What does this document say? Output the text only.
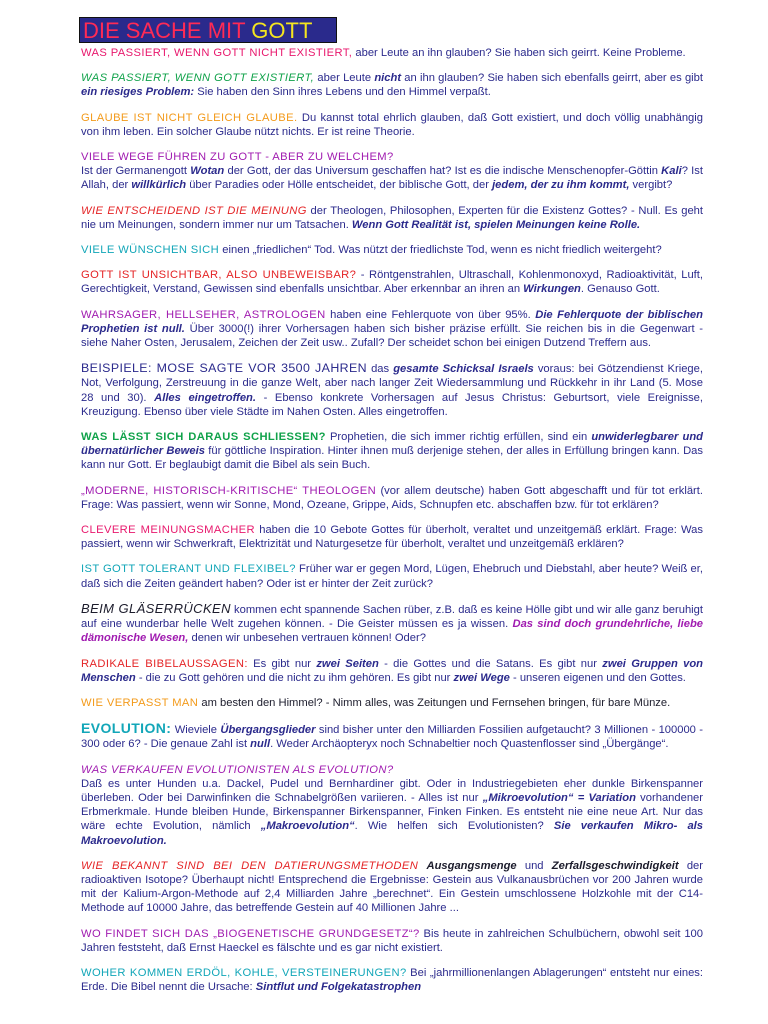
DIE SACHE MIT GOTT

WAS PASSIERT, WENN GOTT NICHT EXISTIERT, aber Leute an ihn glauben? Sie haben sich geirrt. Keine Probleme.

WAS PASSIERT, WENN GOTT EXISTIERT, aber Leute nicht an ihn glauben? Sie haben sich ebenfalls geirrt, aber es gibt ein riesiges Problem: Sie haben den Sinn ihres Lebens und den Himmel verpaßt.

GLAUBE IST NICHT GLEICH GLAUBE. Du kannst total ehrlich glauben, daß Gott existiert, und doch völlig unabhängig von ihm leben. Ein solcher Glaube nützt nichts. Er ist reine Theorie.

VIELE WEGE FÜHREN ZU GOTT - ABER ZU WELCHEM?
Ist der Germanengott Wotan der Gott, der das Universum geschaffen hat? Ist es die indische Menschenopfer-Göttin Kali? Ist Allah, der willkürlich über Paradies oder Hölle entscheidet, der biblische Gott, der jedem, der zu ihm kommt, vergibt?

WIE ENTSCHEIDEND IST DIE MEINUNG der Theologen, Philosophen, Experten für die Existenz Gottes? - Null. Es geht nie um Meinungen, sondern immer nur um Tatsachen. Wenn Gott Realität ist, spielen Meinungen keine Rolle.

VIELE WÜNSCHEN SICH einen „friedlichen“ Tod. Was nützt der friedlichste Tod, wenn es nicht friedlich weitergeht?

GOTT IST UNSICHTBAR, ALSO UNBEWEISBAR? - Röntgenstrahlen, Ultraschall, Kohlenmonoxyd, Radioaktivität, Luft, Gerechtigkeit, Verstand, Gewissen sind ebenfalls unsichtbar. Aber erkennbar an ihren an Wirkungen. Genauso Gott.

WAHRSAGER, HELLSEHER, ASTROLOGEN haben eine Fehlerquote von über 95%. Die Fehlerquote der biblischen Prophetien ist null. Über 3000(!) ihrer Vorhersagen haben sich bisher präzise erfüllt. Sie reichen bis in die Gegenwart - siehe Naher Osten, Jerusalem, Zeichen der Zeit usw.. Zufall? Der scheidet schon bei einigen Dutzend Treffern aus.

BEISPIELE: MOSE SAGTE VOR 3500 JAHREN das gesamte Schicksal Israels voraus: bei Götzendienst Kriege, Not, Verfolgung, Zerstreuung in die ganze Welt, aber nach langer Zeit Wiedersammlung und Rückkehr in ihr Land (5. Mose 28 und 30). Alles eingetroffen. - Ebenso konkrete Vorhersagen auf Jesus Christus: Geburtsort, viele Ereignisse, Kreuzigung. Ebenso über viele Städte im Nahen Osten. Alles eingetroffen.

WAS LÄSST SICH DARAUS SCHLIESSEN? Prophetien, die sich immer richtig erfüllen, sind ein unwiderlegbarer und übernatürlicher Beweis für göttliche Inspiration. Hinter ihnen muß derjenige stehen, der alles in Erfüllung bringen kann. Das kann nur Gott. Er beglaubigt damit die Bibel als sein Buch.

„MODERNE, HISTORISCH-KRITISCHE“ THEOLOGEN (vor allem deutsche) haben Gott abgeschafft und für tot erklärt. Frage: Was passiert, wenn wir Sonne, Mond, Ozeane, Grippe, Aids, Schnupfen etc. abschaffen bzw. für tot erklären?

CLEVERE MEINUNGSMACHER haben die 10 Gebote Gottes für überholt, veraltet und unzeitgemäß erklärt. Frage: Was passiert, wenn wir Schwerkraft, Elektrizität und Naturgesetze für überholt, veraltet und unzeitgemäß erklären?

IST GOTT TOLERANT UND FLEXIBEL? Früher war er gegen Mord, Lügen, Ehebruch und Diebstahl, aber heute? Weiß er, daß sich die Zeiten geändert haben? Oder ist er hinter der Zeit zurück?

BEIM GLÄSERRÜCKEN kommen echt spannende Sachen rüber, z.B. daß es keine Hölle gibt und wir alle ganz beruhigt auf eine wunderbar helle Welt zugehen können. - Die Geister müssen es ja wissen. Das sind doch grundehrliche, liebe dämonische Wesen, denen wir unbesehen vertrauen können! Oder?

RADIKALE BIBELAUSSAGEN: Es gibt nur zwei Seiten - die Gottes und die Satans. Es gibt nur zwei Gruppen von Menschen - die zu Gott gehören und die nicht zu ihm gehören. Es gibt nur zwei Wege - unseren eigenen und den Gottes.

WIE VERPASST MAN am besten den Himmel? - Nimm alles, was Zeitungen und Fernsehen bringen, für bare Münze.

EVOLUTION: Wieviele Übergangsglieder sind bisher unter den Milliarden Fossilien aufgetaucht? 3 Millionen - 100000 - 300 oder 6? - Die genaue Zahl ist null. Weder Archäopteryx noch Schnabeltier noch Quastenflosser sind „Übergänge“.

WAS VERKAUFEN EVOLUTIONISTEN ALS EVOLUTION?
Daß es unter Hunden u.a. Dackel, Pudel und Bernhardiner gibt. Oder in Industriegebieten eher dunkle Birkenspanner überleben. Oder bei Darwinfinken die Schnabelgrößen variieren. - Alles ist nur „Mikroevolution“ = Variation vorhandener Erbmerkmale. Hunde bleiben Hunde, Birkenspanner Birkenspanner, Finken Finken. Es entsteht nie eine neue Art. Nur das wäre echte Evolution, nämlich „Makroevolution“. Wie helfen sich Evolutionisten? Sie verkaufen Mikro- als Makroevolution.

WIE BEKANNT SIND BEI DEN DATIERUNGSMETHODEN Ausgangsmenge und Zerfallsgeschwindigkeit der radioaktiven Isotope? Überhaupt nicht! Entsprechend die Ergebnisse: Gestein aus Vulkanausbrüchen vor 200 Jahren wurde mit der Kalium-Argon-Methode auf 2,4 Milliarden Jahre „berechnet“. Ein Gestein umschlossene Holzkohle mit der C14-Methode auf 10000 Jahre, das betreffende Gestein auf 40 Millionen Jahre ...

WO FINDET SICH DAS „BIOGENETISCHE GRUNDGESETZ“? Bis heute in zahlreichen Schulbüchern, obwohl seit 100 Jahren feststeht, daß Ernst Haeckel es fälschte und es gar nicht existiert.

WOHER KOMMEN ERDÖL, KOHLE, VERSTEINERUNGEN? Bei „jahrmillionenlangen Ablagerungen“ entsteht nur eines: Erde. Die Bibel nennt die Ursache: Sintflut und Folgekatastrophen
